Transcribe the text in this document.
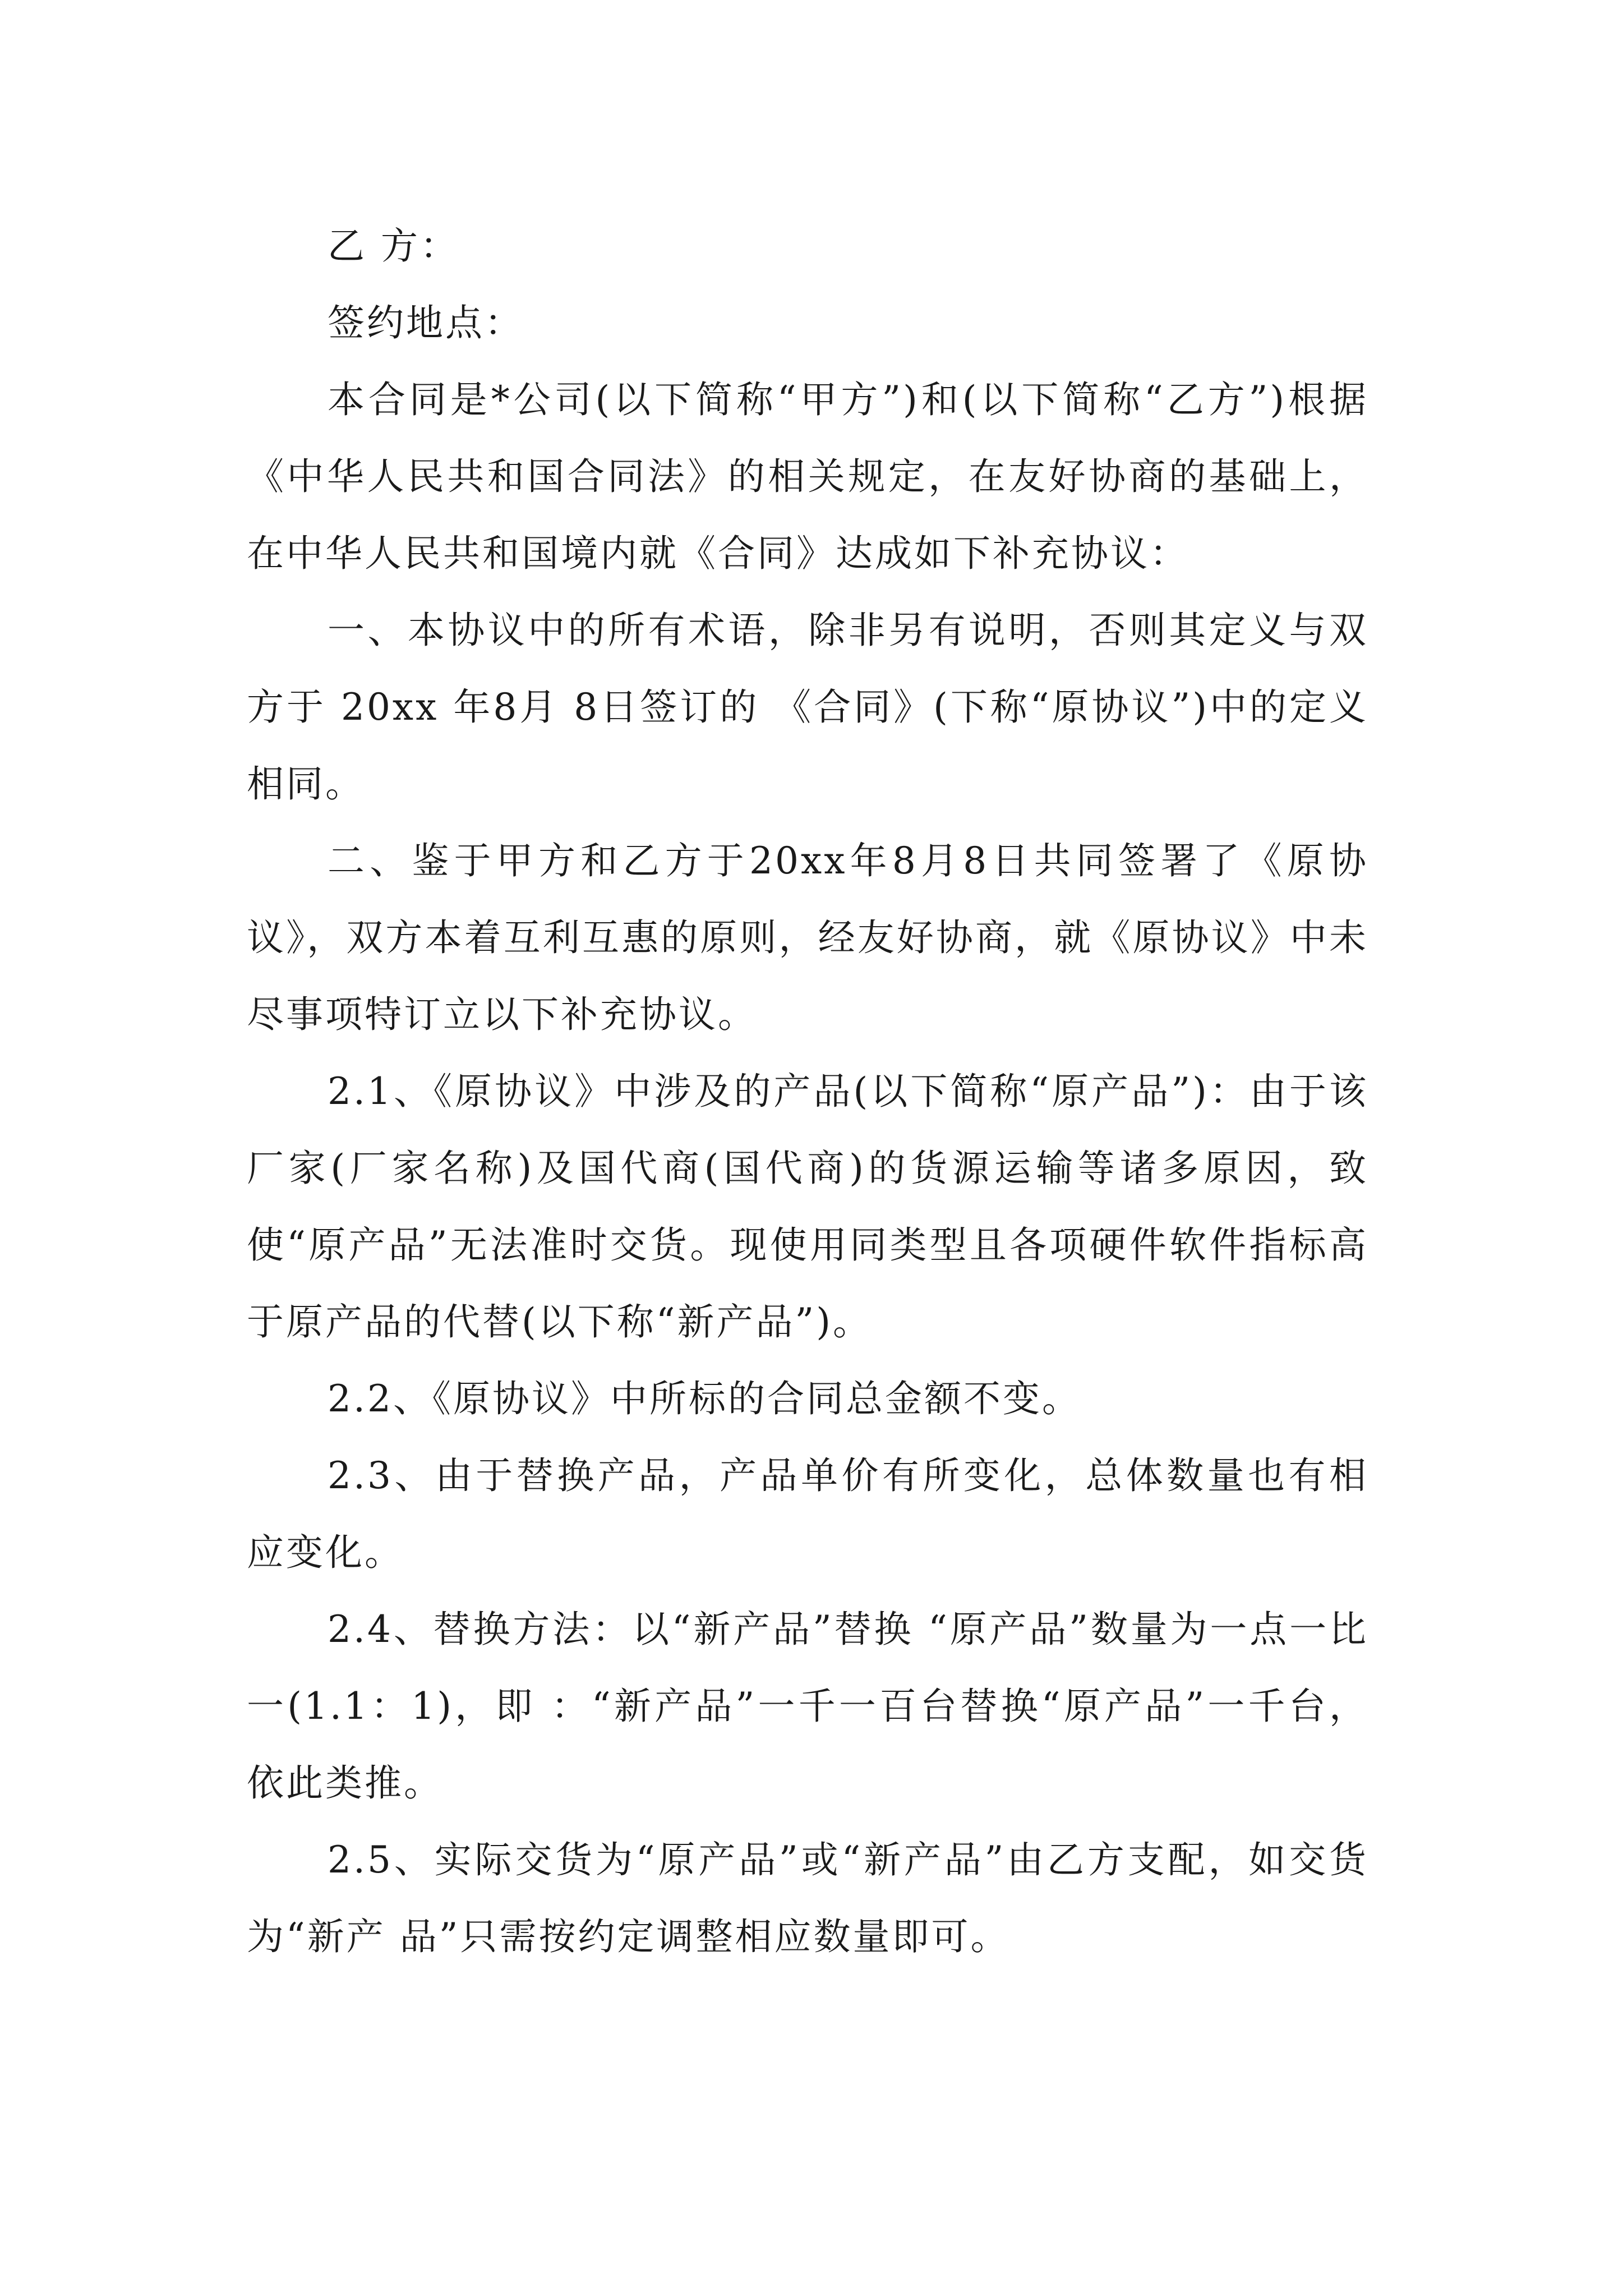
乙 方：

签约地点：

本合同是*公司(以下简称“甲方”)和(以下简称“乙方”)根据《中华人民共和国合同法》的相关规定，在友好协商的基础上，在中华人民共和国境内就《合同》达成如下补充协议：

一、本协议中的所有术语，除非另有说明，否则其定义与双方于 20xx 年8月 8日签订的 《合同》(下称“原协议”)中的定义相同。

二、鉴于甲方和乙方于20xx年8月8日共同签署了《原协议》，双方本着互利互惠的原则，经友好协商，就《原协议》中未尽事项特订立以下补充协议。

2.1、《原协议》中涉及的产品(以下简称“原产品”)：由于该厂家(厂家名称)及国代商(国代商)的货源运输等诸多原因，致使“原产品”无法准时交货。现使用同类型且各项硬件软件指标高于原产品的代替(以下称“新产品”)。

2.2、《原协议》中所标的合同总金额不变。

2.3、由于替换产品，产品单价有所变化，总体数量也有相应变化。

2.4、替换方法：以“新产品”替换 “原产品”数量为一点一比一(1.1：1)，即 ：“新产品”一千一百台替换“原产品”一千台，依此类推。

2.5、实际交货为“原产品”或“新产品”由乙方支配，如交货为“新产 品”只需按约定调整相应数量即可。
